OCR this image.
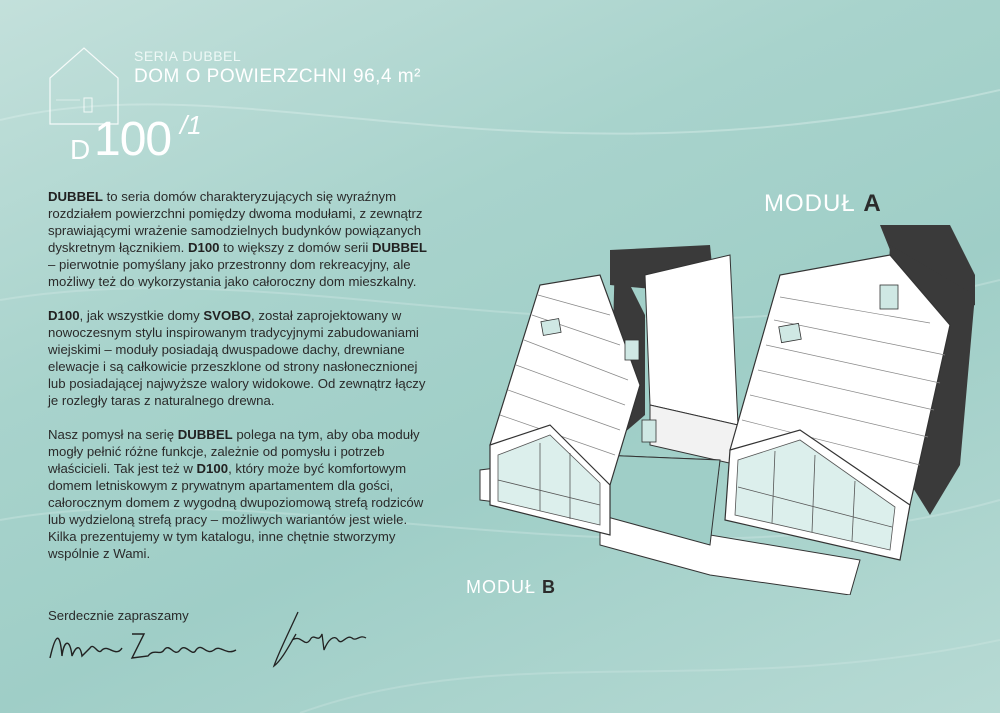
SERIA DUBBEL
DOM O POWIERZCHNI 96,4 m²
D 100 /1

DUBBEL to seria domów charakteryzujących się wyraźnym rozdziałem powierzchni pomiędzy dwoma modułami, z zewnątrz sprawiającymi wrażenie samodzielnych budynków powiązanych dyskretnym łącznikiem. D100 to większy z domów serii DUBBEL – pierwotnie pomyślany jako przestronny dom rekreacyjny, ale możliwy też do wykorzystania jako całoroczny dom mieszkalny.

D100, jak wszystkie domy SVOBO, został zaprojektowany w nowoczesnym stylu inspirowanym tradycyjnymi zabudowaniami wiejskimi – moduły posiadają dwuspadowe dachy, drewniane elewacje i są całkowicie przeszklone od strony nasłonecznionej lub posiadającej najwyższe walory widokowe. Od zewnątrz łączy je rozległy taras z naturalnego drewna.

Nasz pomysł na serię DUBBEL polega na tym, aby oba moduły mogły pełnić różne funkcje, zależnie od pomysłu i potrzeb właścicieli. Tak jest też w D100, który może być komfortowym domem letniskowym z prywatnym apartamentem dla gości, całorocznym domem z wygodną dwupoziomową strefą rodziców lub wydzieloną strefą pracy – możliwych wariantów jest wiele. Kilka prezentujemy w tym katalogu, inne chętnie stworzymy wspólnie z Wami.

Serdecznie zapraszamy
MODUŁ A
MODUŁ B
